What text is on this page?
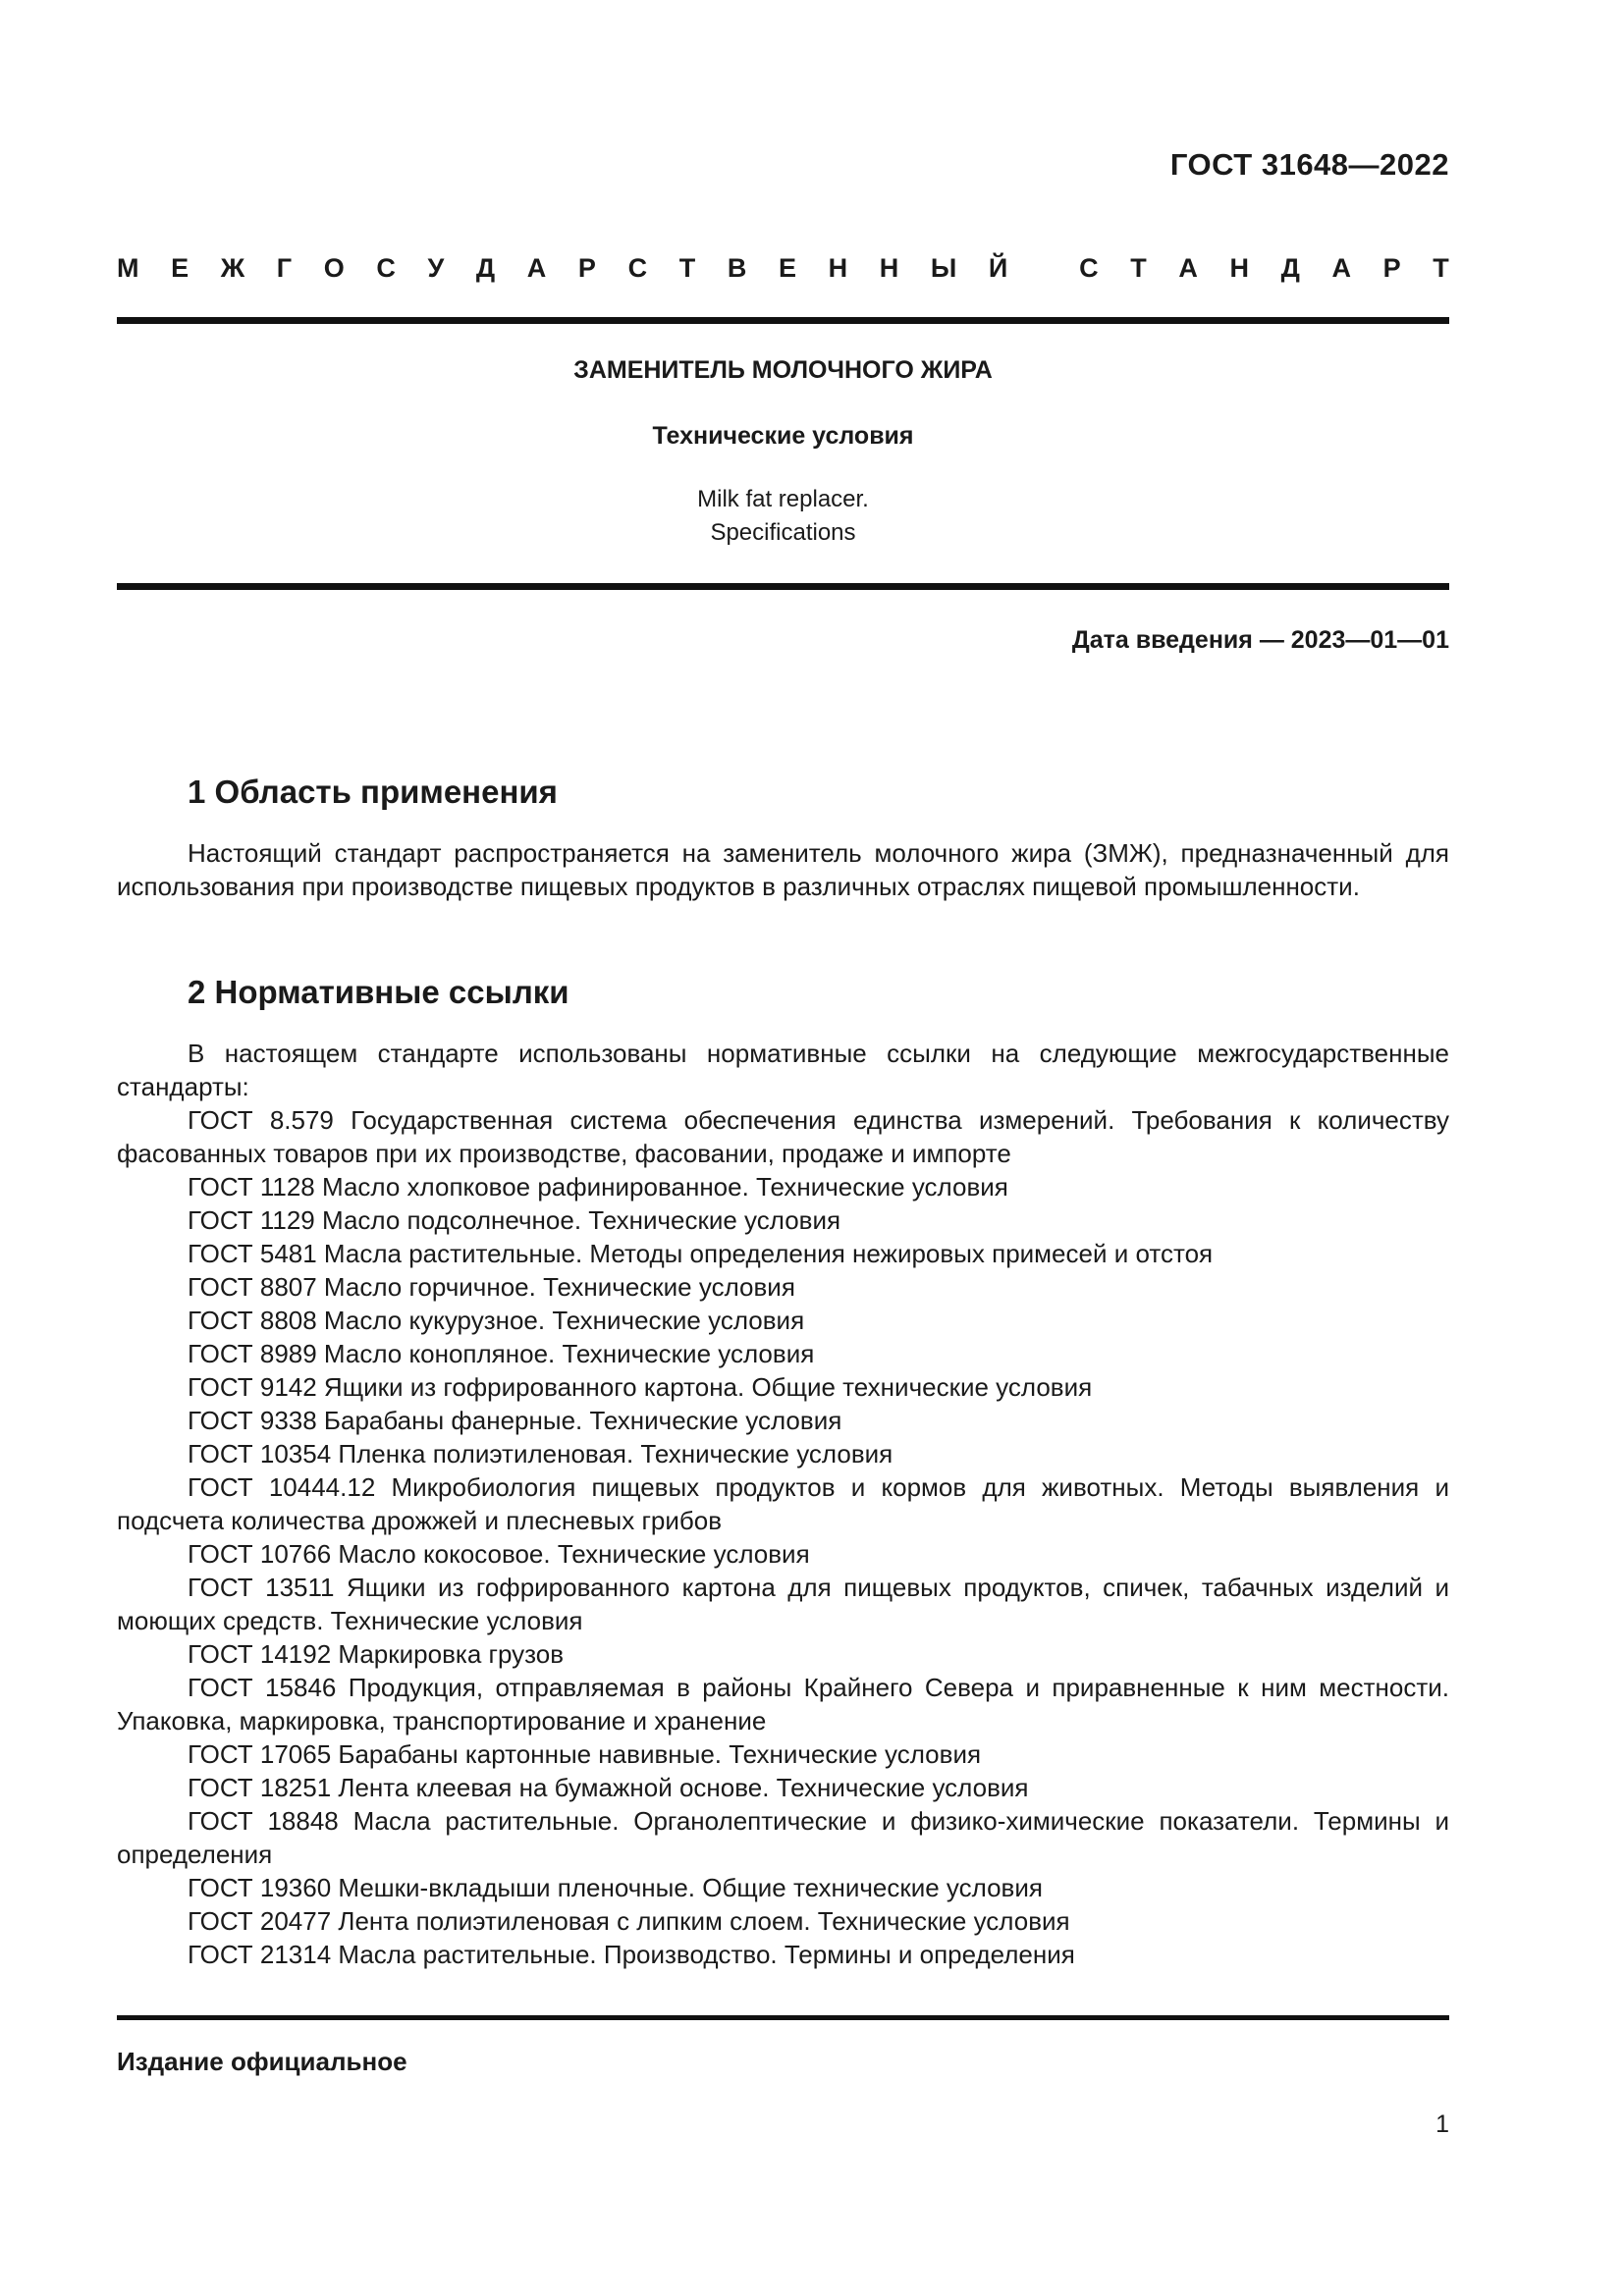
ГОСТ 31648—2022
М Е Ж Г О С У Д А Р С Т В Е Н Н Ы Й
	С Т А Н Д А Р Т
ЗАМЕНИТЕЛЬ МОЛОЧНОГО ЖИРА
Технические условия
Milk fat replacer.
Specifications
Дата введения — 2023—01—01
1 Область применения

Настоящий стандарт распространяется на заменитель молочного жира (ЗМЖ), предназначенный для использования при производстве пищевых продуктов в различных отраслях пищевой промышленности.

2 Нормативные ссылки

В настоящем стандарте использованы нормативные ссылки на следующие межгосударственные стандарты:

ГОСТ 8.579 Государственная система обеспечения единства измерений. Требования к количеству фасованных товаров при их производстве, фасовании, продаже и импорте

ГОСТ 1128 Масло хлопковое рафинированное. Технические условия

ГОСТ 1129 Масло подсолнечное. Технические условия

ГОСТ 5481 Масла растительные. Методы определения нежировых примесей и отстоя

ГОСТ 8807 Масло горчичное. Технические условия

ГОСТ 8808 Масло кукурузное. Технические условия

ГОСТ 8989 Масло конопляное. Технические условия

ГОСТ 9142 Ящики из гофрированного картона. Общие технические условия

ГОСТ 9338 Барабаны фанерные. Технические условия

ГОСТ 10354 Пленка полиэтиленовая. Технические условия

ГОСТ 10444.12 Микробиология пищевых продуктов и кормов для животных. Методы выявления и подсчета количества дрожжей и плесневых грибов

ГОСТ 10766 Масло кокосовое. Технические условия

ГОСТ 13511 Ящики из гофрированного картона для пищевых продуктов, спичек, табачных изделий и моющих средств. Технические условия

ГОСТ 14192 Маркировка грузов

ГОСТ 15846 Продукция, отправляемая в районы Крайнего Севера и приравненные к ним местности. Упаковка, маркировка, транспортирование и хранение

ГОСТ 17065 Барабаны картонные навивные. Технические условия

ГОСТ 18251 Лента клеевая на бумажной основе. Технические условия

ГОСТ 18848 Масла растительные. Органолептические и физико-химические показатели. Термины и определения

ГОСТ 19360 Мешки-вкладыши пленочные. Общие технические условия

ГОСТ 20477 Лента полиэтиленовая с липким слоем. Технические условия

ГОСТ 21314 Масла растительные. Производство. Термины и определения

Издание официальное
1
